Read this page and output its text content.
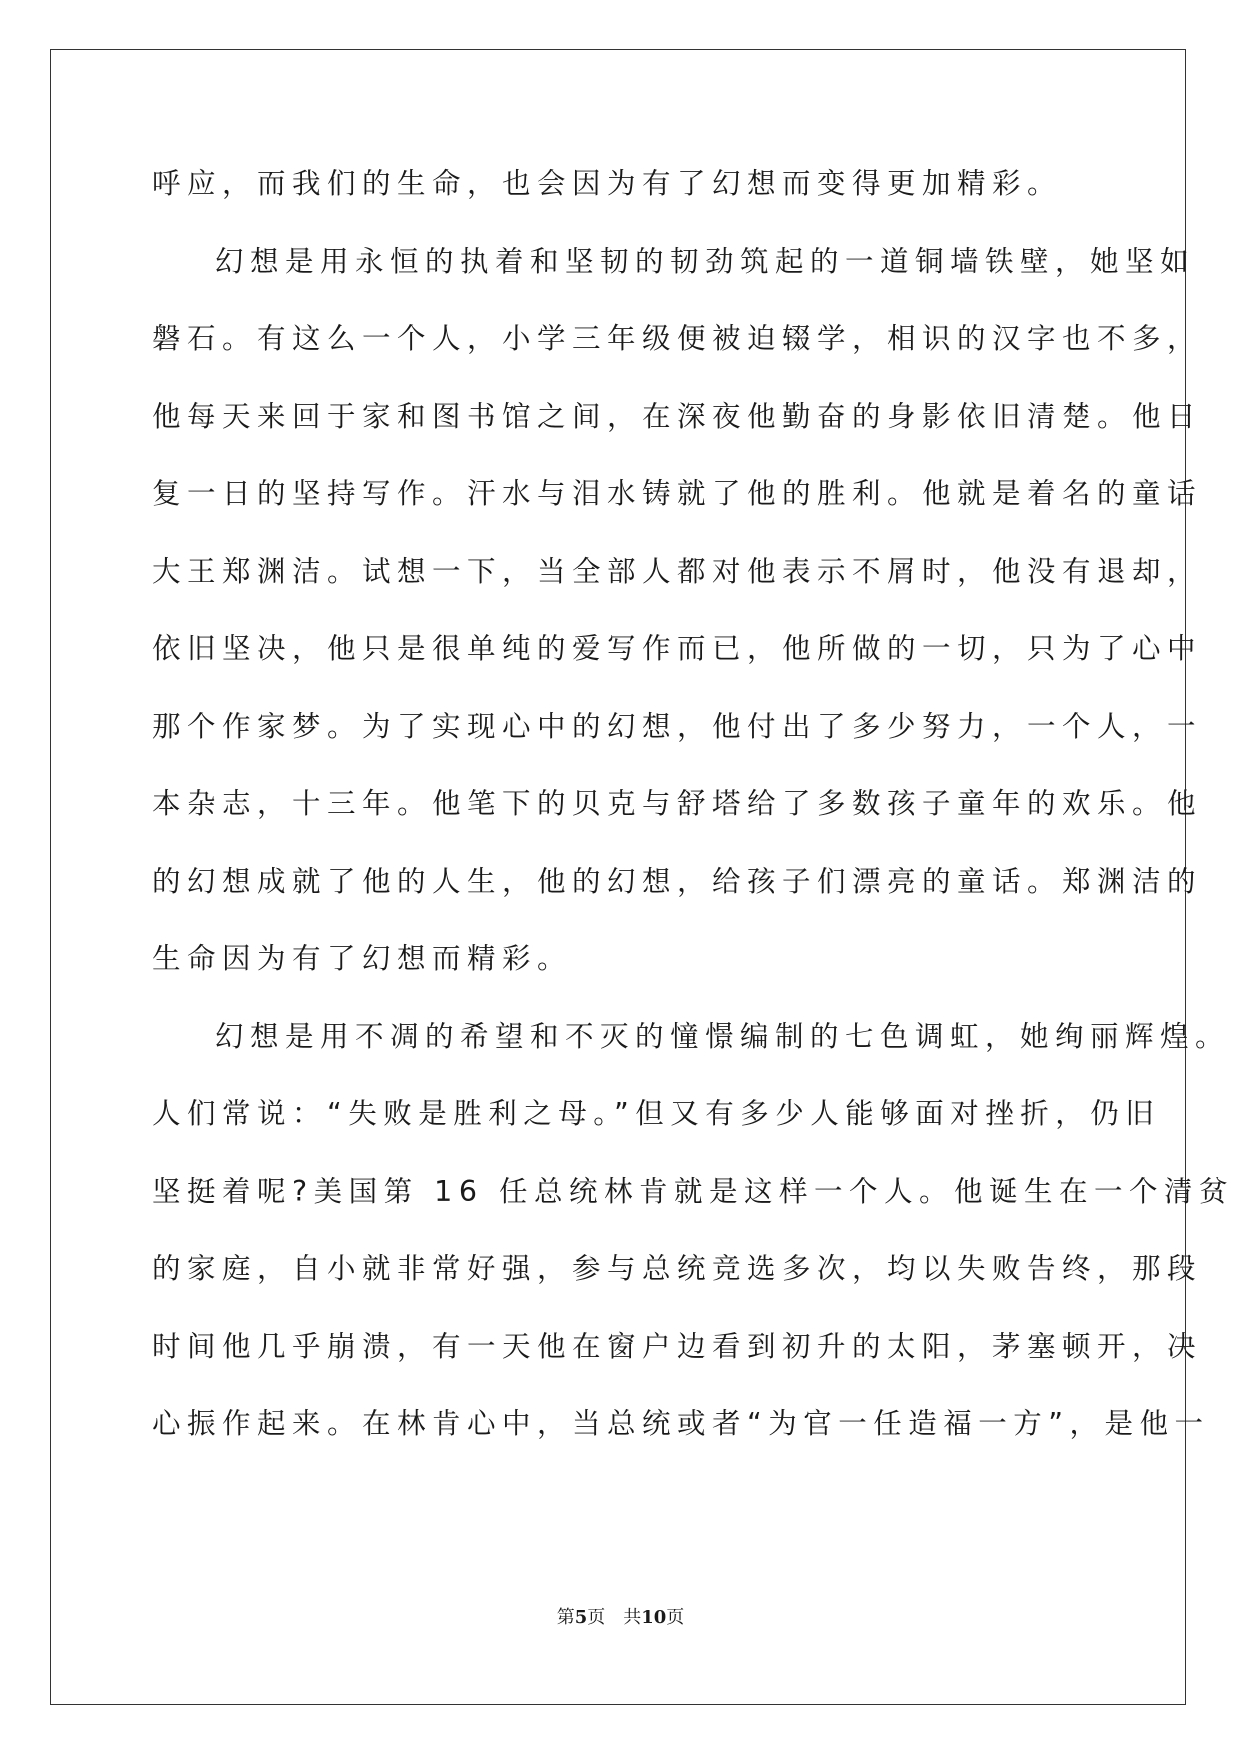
呼应，而我们的生命，也会因为有了幻想而变得更加精彩。
幻想是用永恒的执着和坚韧的韧劲筑起的一道铜墙铁壁，她坚如
磐石。有这么一个人，小学三年级便被迫辍学，相识的汉字也不多，
他每天来回于家和图书馆之间，在深夜他勤奋的身影依旧清楚。他日
复一日的坚持写作。汗水与泪水铸就了他的胜利。他就是着名的童话
大王郑渊洁。试想一下，当全部人都对他表示不屑时，他没有退却，
依旧坚决，他只是很单纯的爱写作而已，他所做的一切，只为了心中
那个作家梦。为了实现心中的幻想，他付出了多少努力，一个人，一
本杂志，十三年。他笔下的贝克与舒塔给了多数孩子童年的欢乐。他
的幻想成就了他的人生，他的幻想，给孩子们漂亮的童话。郑渊洁的
生命因为有了幻想而精彩。
幻想是用不凋的希望和不灭的憧憬编制的七色调虹，她绚丽辉煌。
人们常说：“失败是胜利之母。”但又有多少人能够面对挫折，仍旧
坚挺着呢?美国第 16 任总统林肯就是这样一个人。他诞生在一个清贫
的家庭，自小就非常好强，参与总统竞选多次，均以失败告终，那段
时间他几乎崩溃，有一天他在窗户边看到初升的太阳，茅塞顿开，决
心振作起来。在林肯心中，当总统或者“为官一任造福一方”，是他一
第5页 共10页
